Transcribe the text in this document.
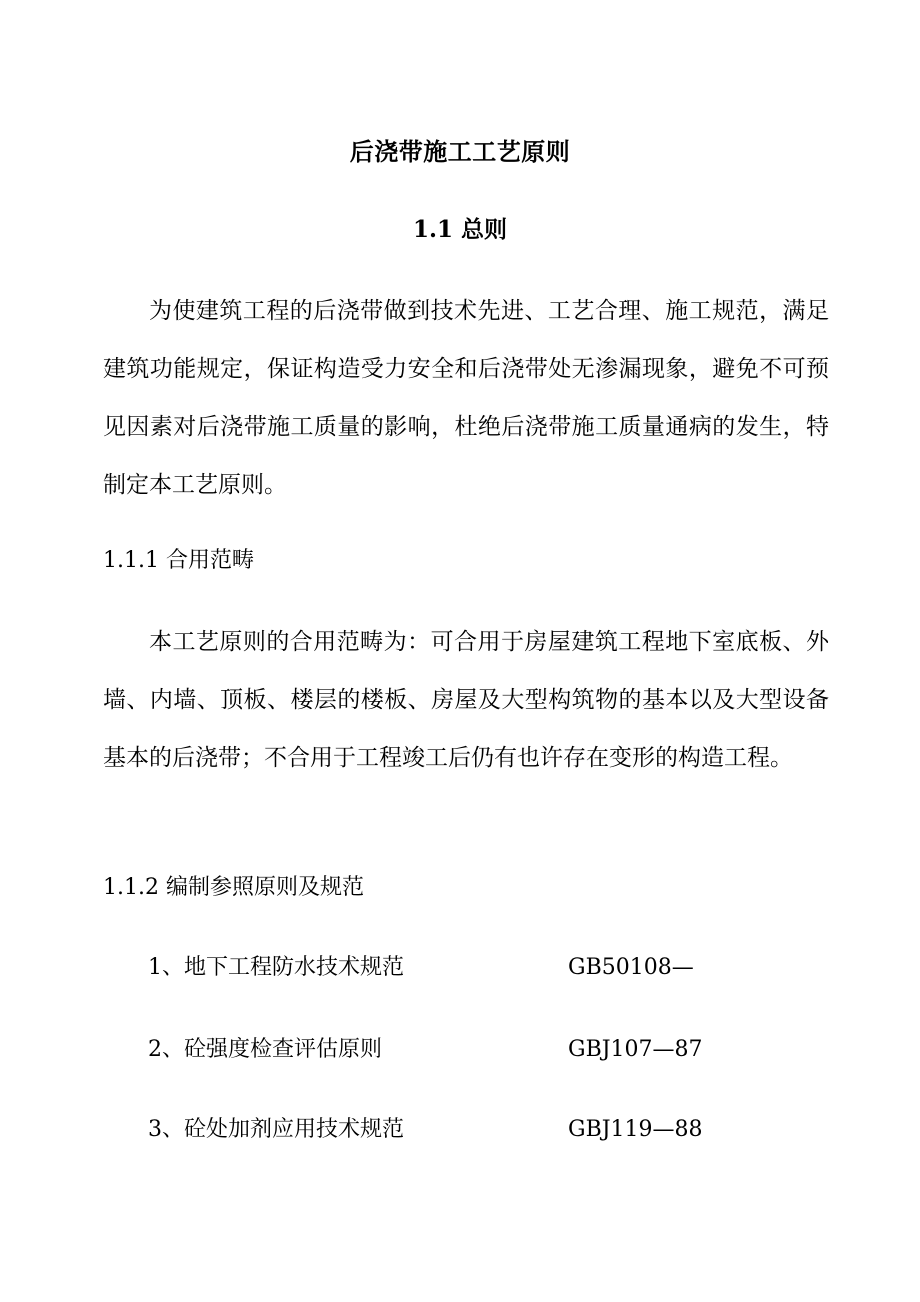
后浇带施工工艺原则
1.1 总则

为使建筑工程的后浇带做到技术先进、工艺合理、施工规范，满足建筑功能规定，保证构造受力安全和后浇带处无渗漏现象，避免不可预见因素对后浇带施工质量的影响，杜绝后浇带施工质量通病的发生，特制定本工艺原则。

1.1.1 合用范畴

本工艺原则的合用范畴为：可合用于房屋建筑工程地下室底板、外墙、内墙、顶板、楼层的楼板、房屋及大型构筑物的基本以及大型设备基本的后浇带；不合用于工程竣工后仍有也许存在变形的构造工程。

1.1.2 编制参照原则及规范
1、地下工程防水技术规范	GB50108—
2、砼强度检查评估原则	GBJ107—87
3、砼处加剂应用技术规范	GBJ119—88
